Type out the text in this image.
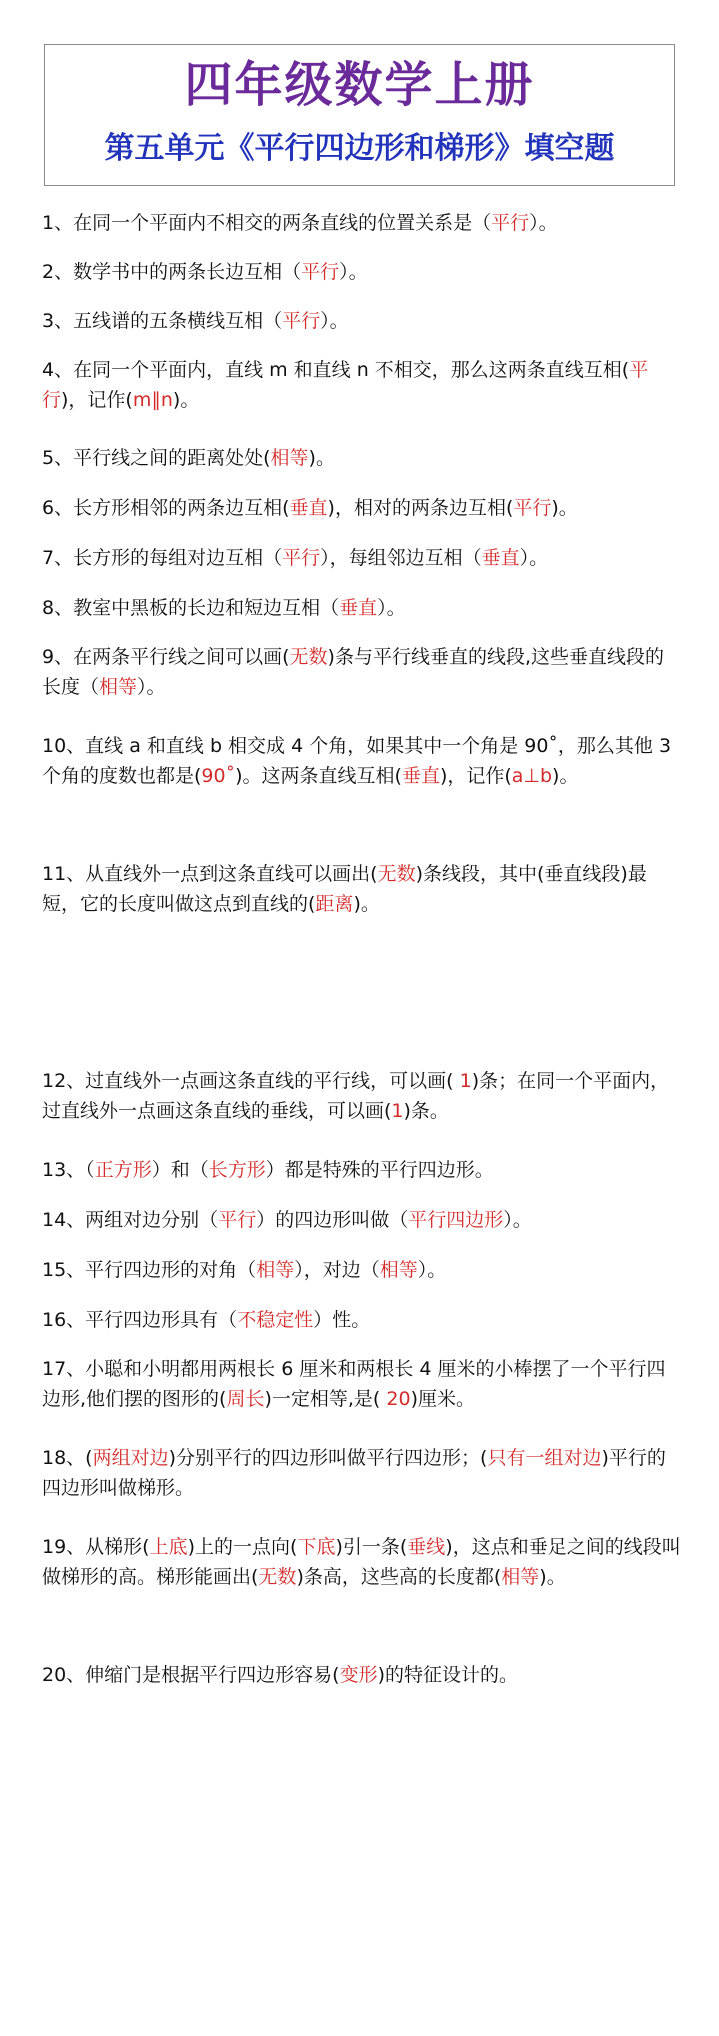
四年级数学上册
第五单元《平行四边形和梯形》填空题

1、在同一个平面内不相交的两条直线的位置关系是（平行）。

2、数学书中的两条长边互相（平行）。

3、五线谱的五条横线互相（平行）。

4、在同一个平面内，直线 m 和直线 n 不相交，那么这两条直线互相(平行)，记作(m∥n)。

5、平行线之间的距离处处(相等)。

6、长方形相邻的两条边互相(垂直)，相对的两条边互相(平行)。

7、长方形的每组对边互相（平行），每组邻边互相（垂直）。

8、教室中黑板的长边和短边互相（垂直）。

9、在两条平行线之间可以画(无数)条与平行线垂直的线段,这些垂直线段的长度（相等）。

10、直线 a 和直线 b 相交成 4 个角，如果其中一个角是 90˚，那么其他 3 个角的度数也都是(90˚)。这两条直线互相(垂直)，记作(a⊥b)。

11、从直线外一点到这条直线可以画出(无数)条线段，其中(垂直线段)最短，它的长度叫做这点到直线的(距离)。

12、过直线外一点画这条直线的平行线，可以画( 1)条；在同一个平面内，过直线外一点画这条直线的垂线，可以画(1)条。

13、（正方形）和（长方形）都是特殊的平行四边形。

14、两组对边分别（平行）的四边形叫做（平行四边形）。

15、平行四边形的对角（相等），对边（相等）。

16、平行四边形具有（不稳定性）性。

17、小聪和小明都用两根长 6 厘米和两根长 4 厘米的小棒摆了一个平行四边形,他们摆的图形的(周长)一定相等,是( 20)厘米。

18、(两组对边)分别平行的四边形叫做平行四边形；(只有一组对边)平行的四边形叫做梯形。

19、从梯形(上底)上的一点向(下底)引一条(垂线)，这点和垂足之间的线段叫做梯形的高。梯形能画出(无数)条高，这些高的长度都(相等)。

20、伸缩门是根据平行四边形容易(变形)的特征设计的。
